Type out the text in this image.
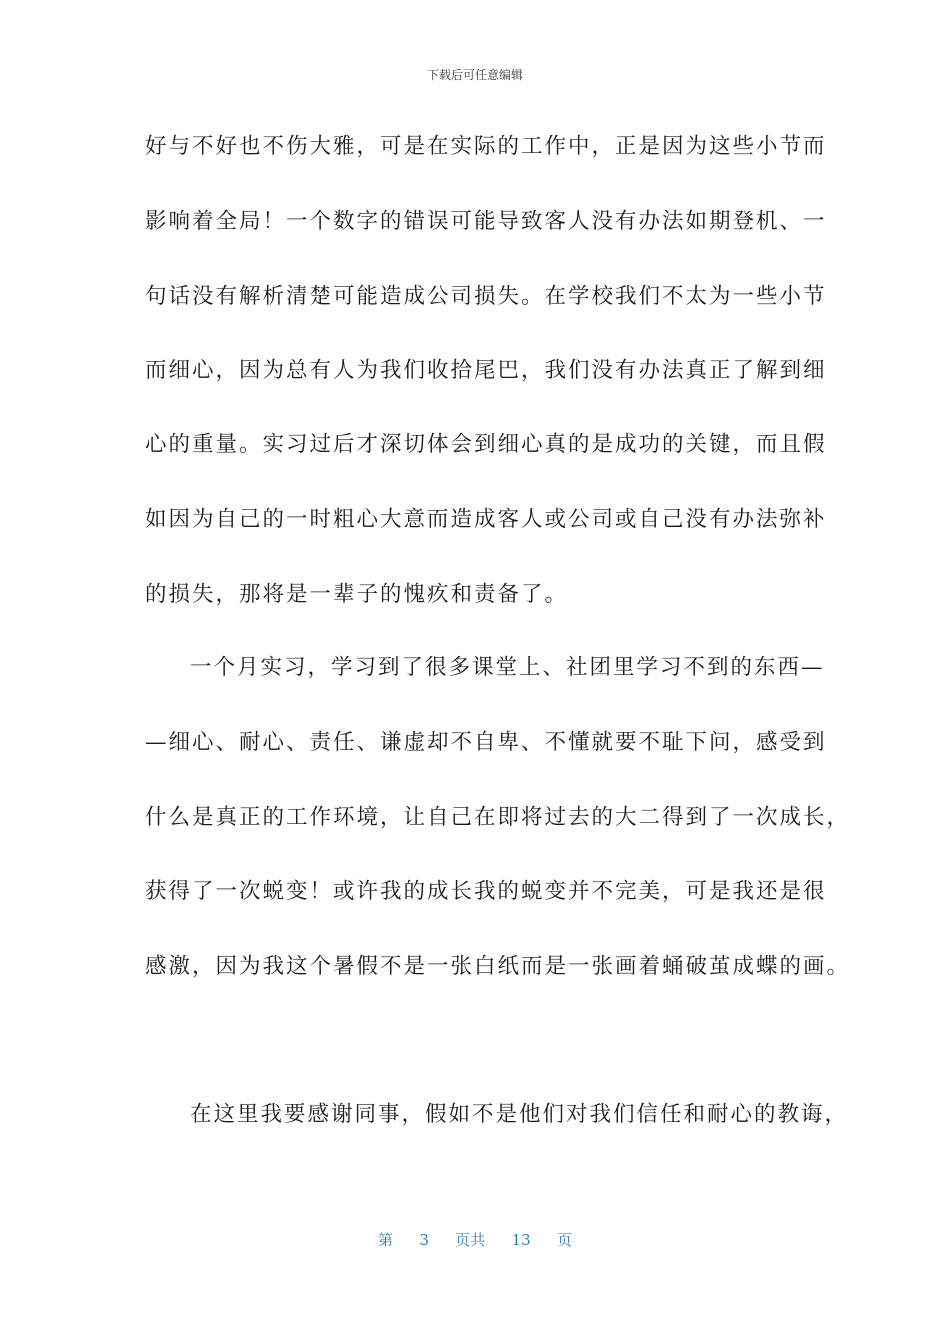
下载后可任意编辑
好与不好也不伤大雅，可是在实际的工作中，正是因为这些小节而
影响着全局！一个数字的错误可能导致客人没有办法如期登机、一
句话没有解析清楚可能造成公司损失。在学校我们不太为一些小节
而细心，因为总有人为我们收拾尾巴，我们没有办法真正了解到细
心的重量。实习过后才深切体会到细心真的是成功的关键，而且假
如因为自己的一时粗心大意而造成客人或公司或自己没有办法弥补
的损失，那将是一辈子的愧疚和责备了。
一个月实习，学习到了很多课堂上、社团里学习不到的东西—
—细心、耐心、责任、谦虚却不自卑、不懂就要不耻下问，感受到
什么是真正的工作环境，让自己在即将过去的大二得到了一次成长，
获得了一次蜕变！或许我的成长我的蜕变并不完美，可是我还是很
感激，因为我这个暑假不是一张白纸而是一张画着蛹破茧成蝶的画。
在这里我要感谢同事，假如不是他们对我们信任和耐心的教诲，
第 3 页共 13 页
